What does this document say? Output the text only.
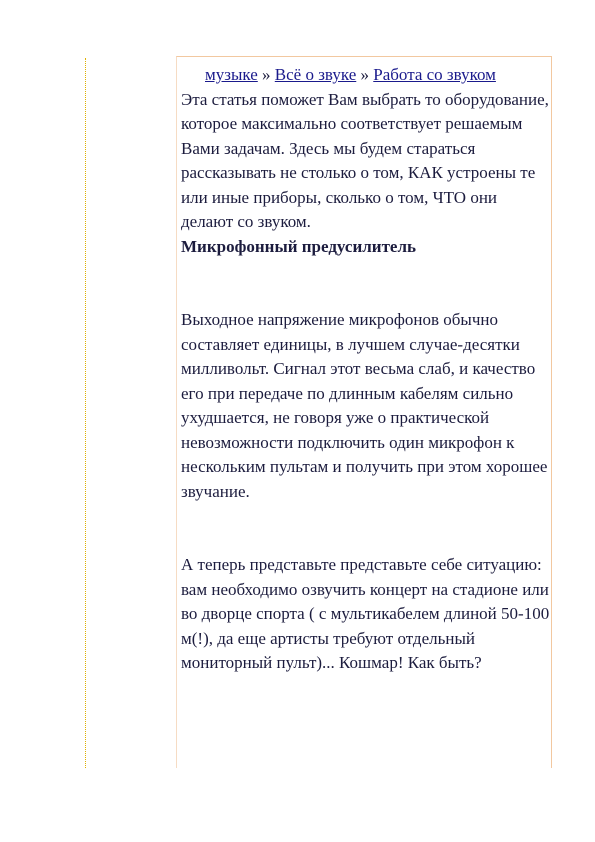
музыке » Всё о звуке » Работа со звуком

Эта статья поможет Вам выбрать то оборудование, которое максимально соответствует решаемым Вами задачам. Здесь мы будем стараться рассказывать не столько о том, КАК устроены те или иные приборы, сколько о том, ЧТО они делают со звуком.

Микрофонный предусилитель

Выходное напряжение микрофонов обычно составляет единицы, в лучшем случае-десятки милливольт. Сигнал этот весьма слаб, и качество его при передаче по длинным кабелям сильно ухудшается, не говоря уже о практической невозможности подключить один микрофон к нескольким пультам и получить при этом хорошее звучание.

А теперь представьте представьте себе ситуацию: вам необходимо озвучить концерт на стадионе или во дворце спорта ( с мультикабелем длиной 50-100 м(!), да еще артисты требуют отдельный мониторный пульт)... Кошмар! Как быть?
